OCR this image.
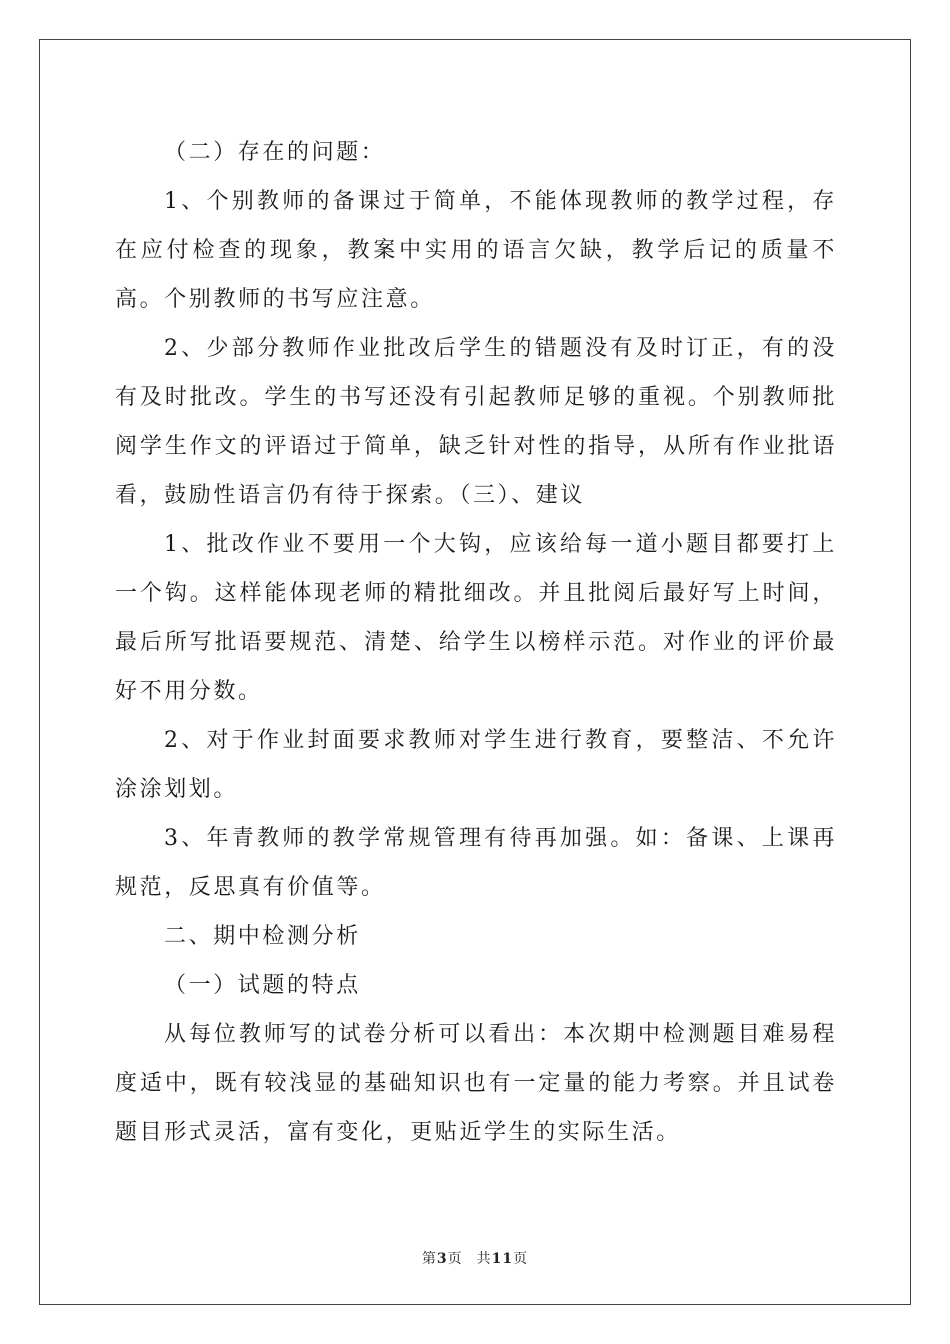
（二）存在的问题：

1、个别教师的备课过于简单，不能体现教师的教学过程，存在应付检查的现象，教案中实用的语言欠缺，教学后记的质量不高。个别教师的书写应注意。

2、少部分教师作业批改后学生的错题没有及时订正，有的没有及时批改。学生的书写还没有引起教师足够的重视。个别教师批阅学生作文的评语过于简单，缺乏针对性的指导，从所有作业批语看，鼓励性语言仍有待于探索。（三）、建议

1、批改作业不要用一个大钩，应该给每一道小题目都要打上一个钩。这样能体现老师的精批细改。并且批阅后最好写上时间，最后所写批语要规范、清楚、给学生以榜样示范。对作业的评价最好不用分数。

2、对于作业封面要求教师对学生进行教育，要整洁、不允许涂涂划划。

3、年青教师的教学常规管理有待再加强。如：备课、上课再规范，反思真有价值等。

二、期中检测分析

（一）试题的特点

从每位教师写的试卷分析可以看出：本次期中检测题目难易程度适中，既有较浅显的基础知识也有一定量的能力考察。并且试卷题目形式灵活，富有变化，更贴近学生的实际生活。

第3页 共11页
